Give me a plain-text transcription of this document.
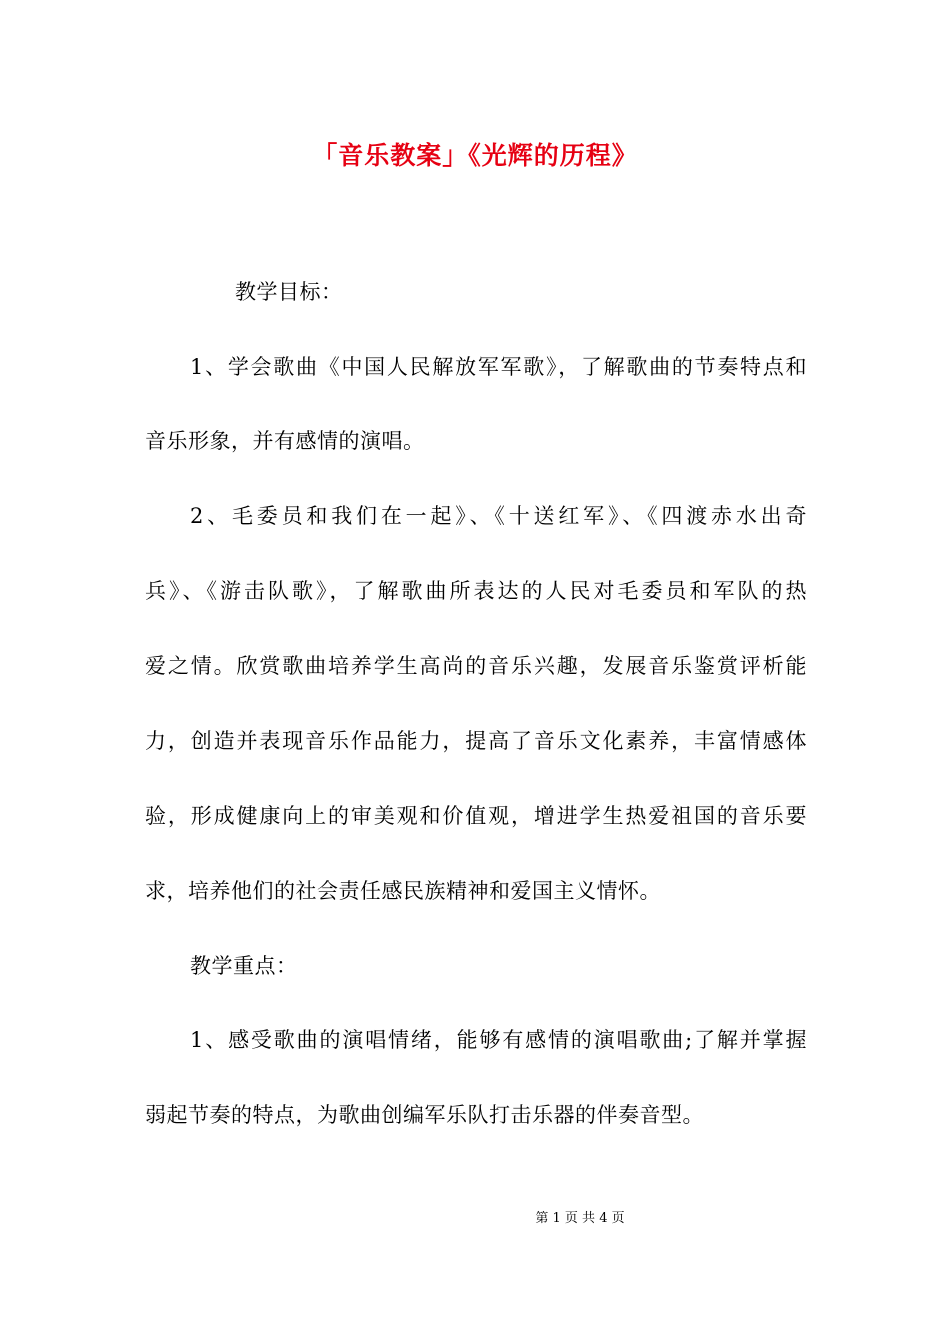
「音乐教案」《光辉的历程》
教学目标：
1、学会歌曲《中国人民解放军军歌》，了解歌曲的节奏特点和
音乐形象，并有感情的演唱。
2、毛委员和我们在一起》、《十送红军》、《四渡赤水出奇
兵》、《游击队歌》，了解歌曲所表达的人民对毛委员和军队的热
爱之情。欣赏歌曲培养学生高尚的音乐兴趣，发展音乐鉴赏评析能
力，创造并表现音乐作品能力，提高了音乐文化素养，丰富情感体
验，形成健康向上的审美观和价值观，增进学生热爱祖国的音乐要
求，培养他们的社会责任感民族精神和爱国主义情怀。
教学重点：
1、感受歌曲的演唱情绪，能够有感情的演唱歌曲;了解并掌握
弱起节奏的特点，为歌曲创编军乐队打击乐器的伴奏音型。
第 1 页 共 4 页
